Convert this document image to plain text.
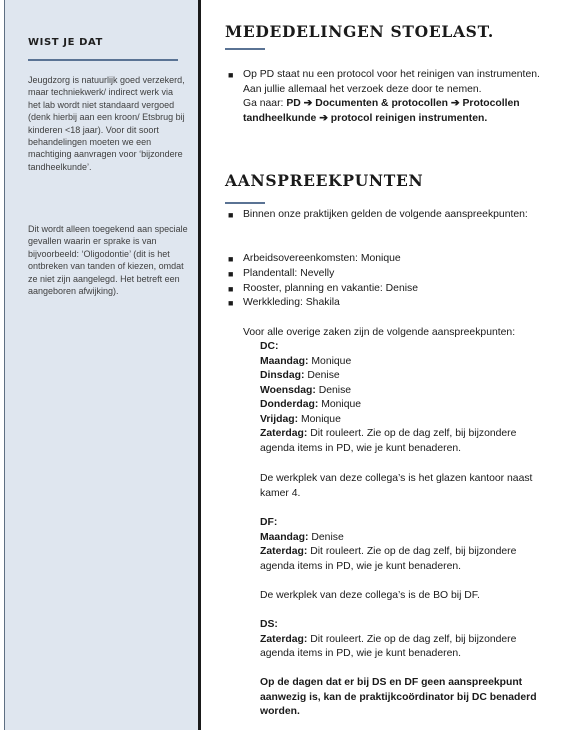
WIST JE DAT

Jeugdzorg is natuurlijk goed verzekerd, maar techniekwerk/ indirect werk via het lab wordt niet standaard vergoed (denk hierbij aan een kroon/ Etsbrug bij kinderen <18 jaar). Voor dit soort behandelingen moeten we een machtiging aanvragen voor ‘bijzondere tandheelkunde’.

Dit wordt alleen toegekend aan speciale gevallen waarin er sprake is van bijvoorbeeld: ‘Oligodontie’ (dit is het ontbreken van tanden of kiezen, omdat ze niet zijn aangelegd. Het betreft een aangeboren afwijking).

MEDEDELINGEN STOELAST.
■ Op PD staat nu een protocol voor het reinigen van instrumenten. Aan jullie allemaal het verzoek deze door te nemen.
Ga naar: PD ➔ Documenten & protocollen ➔ Protocollen tandheelkunde ➔ protocol reinigen instrumenten.

AANSPREEKPUNTEN
■ Binnen onze praktijken gelden de volgende aanspreekpunten:

■ Arbeidsovereenkomsten: Monique

■ Plandentall: Nevelly

■ Rooster, planning en vakantie: Denise

■ Werkkleding: Shakila

Voor alle overige zaken zijn de volgende aanspreekpunten:

DC:
Maandag: Monique
Dinsdag: Denise
Woensdag: Denise
Donderdag: Monique
Vrijdag: Monique
Zaterdag: Dit rouleert. Zie op de dag zelf, bij bijzondere agenda items in PD, wie je kunt benaderen.

De werkplek van deze collega’s is het glazen kantoor naast kamer 4.

DF:
Maandag: Denise
Zaterdag: Dit rouleert. Zie op de dag zelf, bij bijzondere agenda items in PD, wie je kunt benaderen.

De werkplek van deze collega’s is de BO bij DF.

DS:
Zaterdag: Dit rouleert. Zie op de dag zelf, bij bijzondere agenda items in PD, wie je kunt benaderen.

Op de dagen dat er bij DS en DF geen aanspreekpunt aanwezig is, kan de praktijkcoördinator bij DC benaderd worden.
